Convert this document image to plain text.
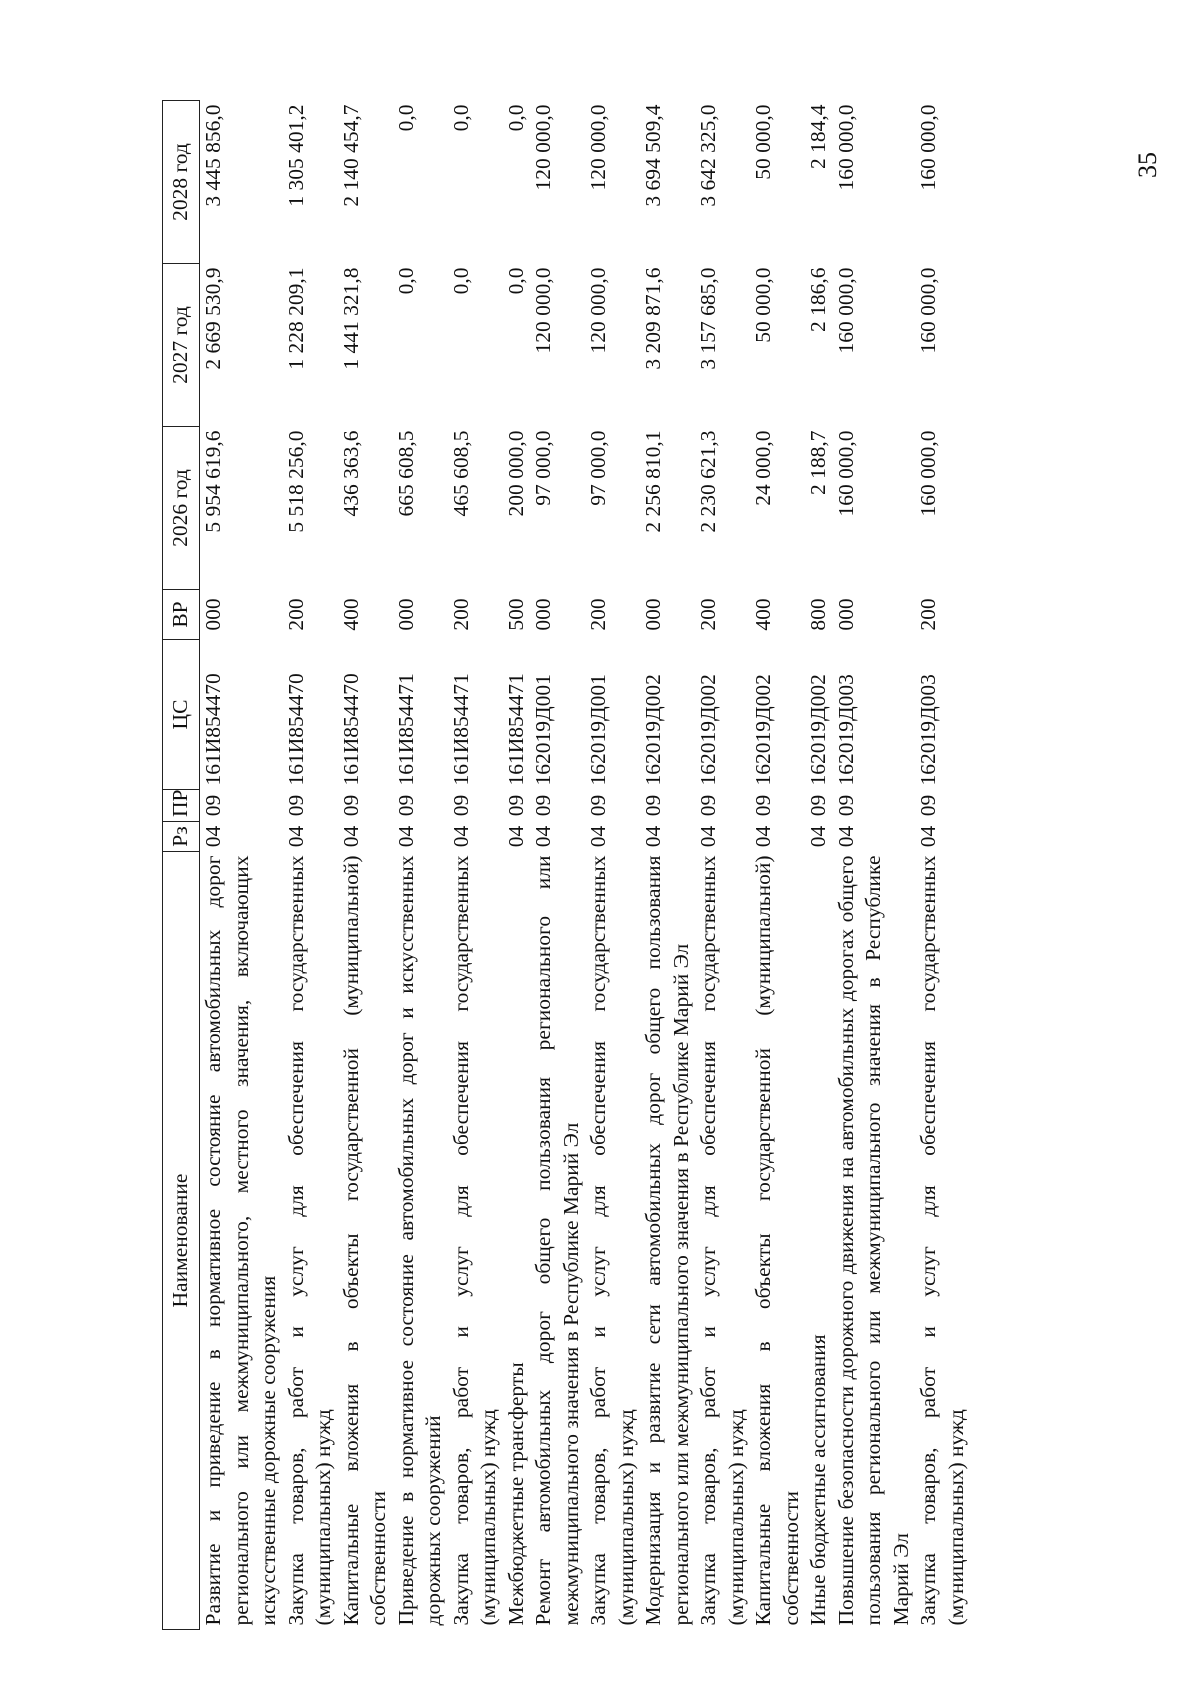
35
Наименование	Рз	ПР	ЦС	ВР	2026 год	2027 год	2028 год
Развитие и приведение в нормативное состояние автомобильных дорог регионального или межмуниципального, местного значения, включающих искусственные дорожные сооружения	04	09	161И854470	000	5 954 619,6	2 669 530,9	3 445 856,0
Закупка товаров, работ и услуг для обеспечения государственных (муниципальных) нужд	04	09	161И854470	200	5 518 256,0	1 228 209,1	1 305 401,2
Капитальные вложения в объекты государственной (муниципальной) собственности	04	09	161И854470	400	436 363,6	1 441 321,8	2 140 454,7
Приведение в нормативное состояние автомобильных дорог и искусственных дорожных сооружений	04	09	161И854471	000	665 608,5	0,0	0,0
Закупка товаров, работ и услуг для обеспечения государственных (муниципальных) нужд	04	09	161И854471	200	465 608,5	0,0	0,0
Межбюджетные трансферты	04	09	161И854471	500	200 000,0	0,0	0,0
Ремонт автомобильных дорог общего пользования регионального или межмуниципального значения в Республике Марий Эл	04	09	162019Д001	000	97 000,0	120 000,0	120 000,0
Закупка товаров, работ и услуг для обеспечения государственных (муниципальных) нужд	04	09	162019Д001	200	97 000,0	120 000,0	120 000,0
Модернизация и развитие сети автомобильных дорог общего пользования регионального или межмуниципального значения в Республике Марий Эл	04	09	162019Д002	000	2 256 810,1	3 209 871,6	3 694 509,4
Закупка товаров, работ и услуг для обеспечения государственных (муниципальных) нужд	04	09	162019Д002	200	2 230 621,3	3 157 685,0	3 642 325,0
Капитальные вложения в объекты государственной (муниципальной) собственности	04	09	162019Д002	400	24 000,0	50 000,0	50 000,0
Иные бюджетные ассигнования	04	09	162019Д002	800	2 188,7	2 186,6	2 184,4
Повышение безопасности дорожного движения на автомобильных дорогах общего пользования регионального или межмуниципального значения в Республике Марий Эл	04	09	162019Д003	000	160 000,0	160 000,0	160 000,0
Закупка товаров, работ и услуг для обеспечения государственных (муниципальных) нужд	04	09	162019Д003	200	160 000,0	160 000,0	160 000,0
